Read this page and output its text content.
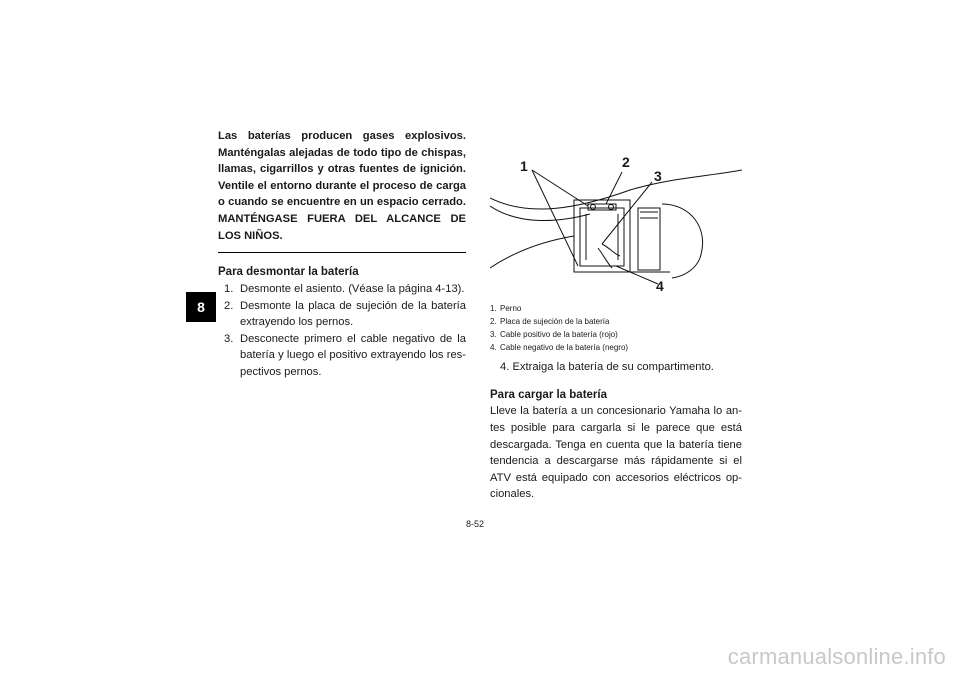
8

Las baterías producen gases explosivos. Manténgalas alejadas de todo tipo de chispas, llamas, cigarrillos y otras fuentes de ignición. Ventile el entorno durante el proceso de carga o cuando se encuentre en un espacio cerrado. MANTÉNGASE FUERA DEL ALCANCE DE LOS NIÑOS.

Para desmontar la batería

1. Desmonte el asiento. (Véase la página 4-13).
2. Desmonte la placa de sujeción de la batería extrayendo los pernos.
3. Desconecte primero el cable negativo de la batería y luego el positivo extrayendo los respectivos pernos.
1	2
3
4
1. Perno
2. Placa de sujeción de la batería
3. Cable positivo de la batería (rojo)
4. Cable negativo de la batería (negro)

4. Extraiga la batería de su compartimento.

Para cargar la batería

Lleve la batería a un concesionario Yamaha lo antes posible para cargarla si le parece que está descargada. Tenga en cuenta que la batería tiene tendencia a descargarse más rápidamente si el ATV está equipado con accesorios eléctricos opcionales.

8-52
carmanualsonline.info
